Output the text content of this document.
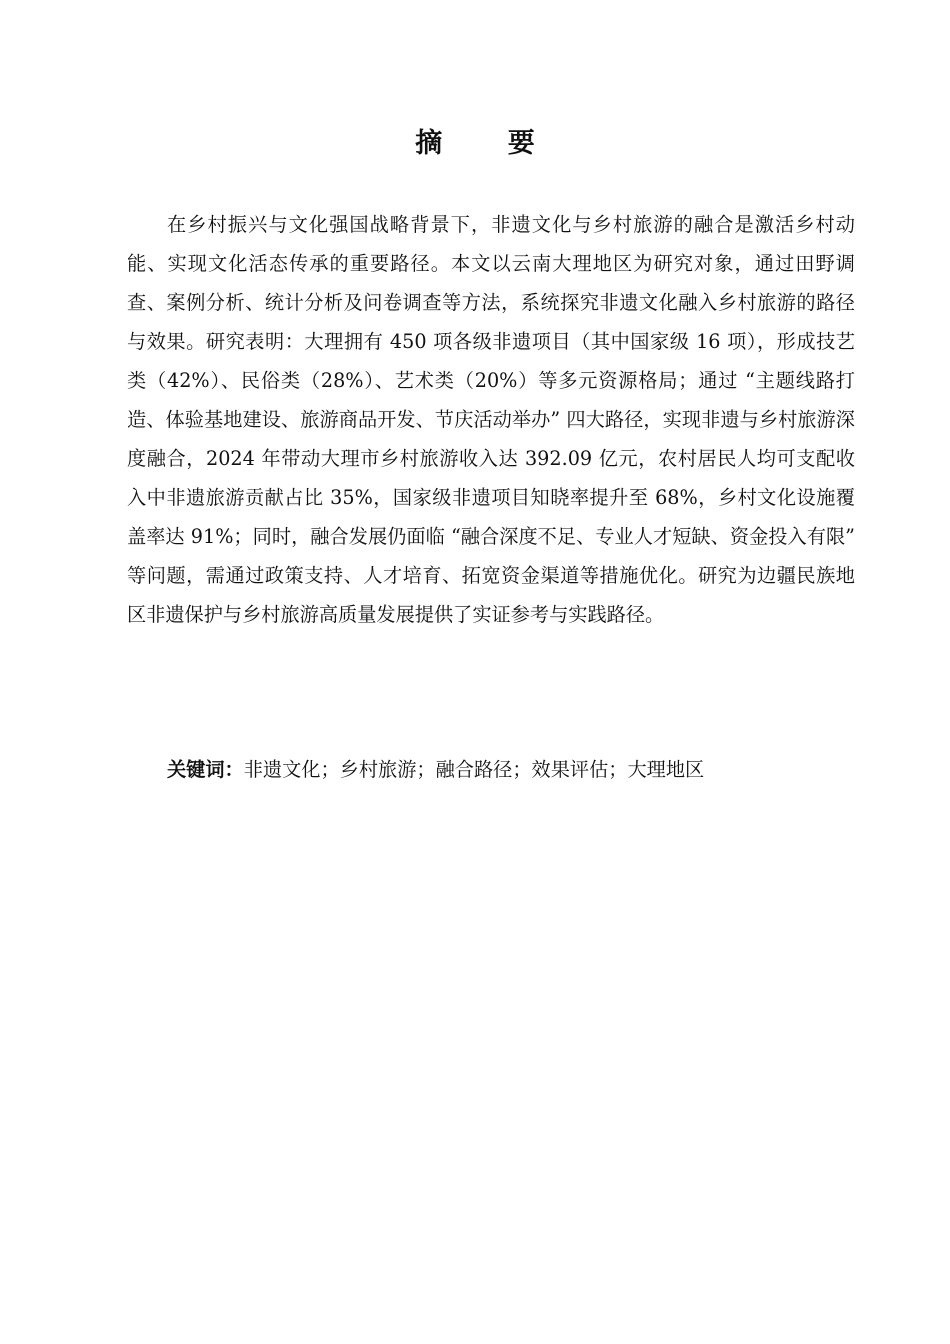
摘 要

在乡村振兴与文化强国战略背景下，非遗文化与乡村旅游的融合是激活乡村动能、实现文化活态传承的重要路径。本文以云南大理地区为研究对象，通过田野调查、案例分析、统计分析及问卷调查等方法，系统探究非遗文化融入乡村旅游的路径与效果。研究表明：大理拥有 450 项各级非遗项目（其中国家级 16 项），形成技艺类（42%）、民俗类（28%）、艺术类（20%）等多元资源格局；通过 “主题线路打造、体验基地建设、旅游商品开发、节庆活动举办” 四大路径，实现非遗与乡村旅游深度融合，2024 年带动大理市乡村旅游收入达 392.09 亿元，农村居民人均可支配收入中非遗旅游贡献占比 35%，国家级非遗项目知晓率提升至 68%，乡村文化设施覆盖率达 91%；同时，融合发展仍面临 “融合深度不足、专业人才短缺、资金投入有限” 等问题，需通过政策支持、人才培育、拓宽资金渠道等措施优化。研究为边疆民族地区非遗保护与乡村旅游高质量发展提供了实证参考与实践路径。

关键词：非遗文化；乡村旅游；融合路径；效果评估；大理地区
